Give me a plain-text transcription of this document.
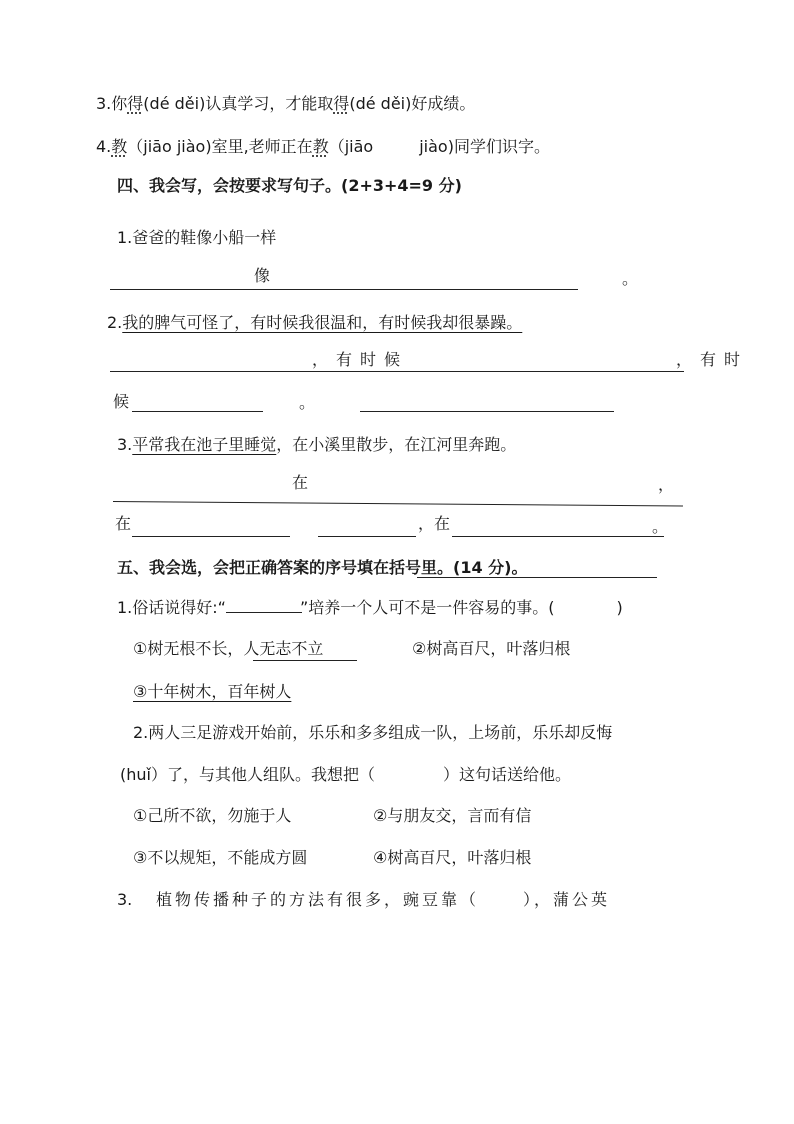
3.你得(dé děi)认真学习，才能取得(dé děi)好成绩。
4.教（jiāo jiào)室里,老师正在教（jiāo	jiào)同学们识字。
四、我会写，会按要求写句子。(2+3+4=9 分)
1.爸爸的鞋像小船一样
像	。
2.我的脾气可怪了，有时候我很温和，有时候我却很暴躁。
，有时候	，有时
候	。
3.平常我在池子里睡觉，在小溪里散步，在江河里奔跑。
在	，
在	，在	。
五、我会选，会把正确答案的序号填在括号里。(14 分)。
1.俗话说得好:“	”培养一个人可不是一件容易的事。(	)
①树无根不长，人无志不立	②树高百尺，叶落归根
③十年树木，百年树人
2.两人三足游戏开始前，乐乐和多多组成一队，上场前，乐乐却反悔
(huǐ）了，与其他人组队。我想把（	）这句话送给他。
①己所不欲，勿施于人	②与朋友交，言而有信
③不以规矩，不能成方圆	④树高百尺，叶落归根
3. 植物传播种子的方法有很多，豌豆靠（	），蒲公英
